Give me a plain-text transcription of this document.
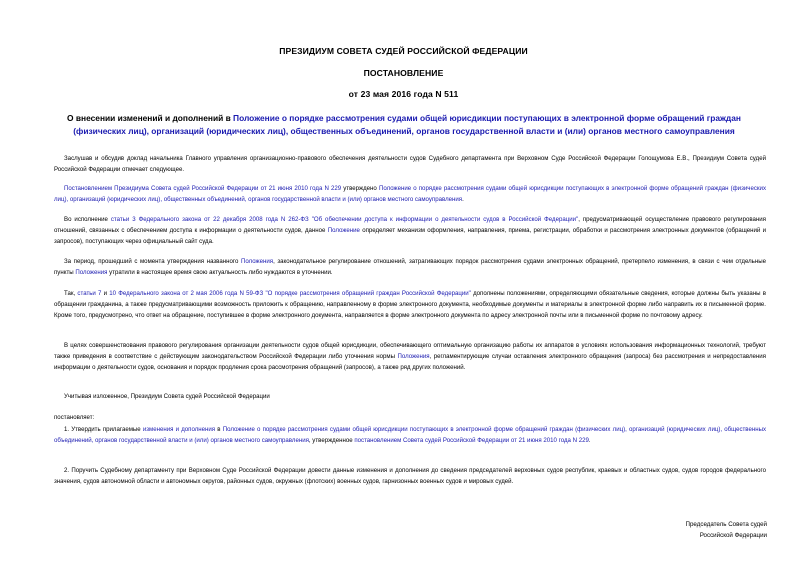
ПРЕЗИДИУМ СОВЕТА СУДЕЙ РОССИЙСКОЙ ФЕДЕРАЦИИ
ПОСТАНОВЛЕНИЕ
от 23 мая 2016 года N 511
О внесении изменений и дополнений в Положение о порядке рассмотрения судами общей юрисдикции поступающих в электронной форме обращений граждан (физических лиц), организаций (юридических лиц), общественных объединений, органов государственной власти и (или) органов местного самоуправления
Заслушав и обсудив доклад начальника Главного управления организационно-правового обеспечения деятельности судов Судебного департамента при Верховном Суде Российской Федерации Голощумова Е.В., Президиум Совета судей Российской Федерации отмечает следующее.
Постановлением Президиума Совета судей Российской Федерации от 21 июня 2010 года N 229 утверждено Положение о порядке рассмотрения судами общей юрисдикции поступающих в электронной форме обращений граждан (физических лиц), организаций (юридических лиц), общественных объединений, органов государственной власти и (или) органов местного самоуправления.
Во исполнение статьи 3 Федерального закона от 22 декабря 2008 года N 262-ФЗ "Об обеспечении доступа к информации о деятельности судов в Российской Федерации", предусматривающей осуществление правового регулирования отношений, связанных с обеспечением доступа к информации о деятельности судов, данное Положение определяет механизм оформления, направления, приема, регистрации, обработки и рассмотрения электронных документов (обращений и запросов), поступающих через официальный сайт суда.
За период, прошедший с момента утверждения названного Положения, законодательное регулирование отношений, затрагивающих порядок рассмотрения судами электронных обращений, претерпело изменения, в связи с чем отдельные пункты Положения утратили в настоящее время свою актуальность либо нуждаются в уточнении.
Так, статьи 7 и 10 Федерального закона от 2 мая 2006 года N 59-ФЗ "О порядке рассмотрения обращений граждан Российской Федерации" дополнены положениями, определяющими обязательные сведения, которые должны быть указаны в обращении гражданина, а также предусматривающими возможность приложить к обращению, направленному в форме электронного документа, необходимые документы и материалы в электронной форме либо направить их в письменной форме. Кроме того, предусмотрено, что ответ на обращение, поступившее в форме электронного документа, направляется в форме электронного документа по адресу электронной почты или в письменной форме по почтовому адресу.
В целях совершенствования правового регулирования организации деятельности судов общей юрисдикции, обеспечивающего оптимальную организацию работы их аппаратов в условиях использования информационных технологий, требуют также приведения в соответствие с действующим законодательством Российской Федерации либо уточнения нормы Положения, регламентирующие случаи оставления электронного обращения (запроса) без рассмотрения и непредоставления информации о деятельности судов, основания и порядок продления срока рассмотрения обращений (запросов), а также ряд других положений.
Учитывая изложенное, Президиум Совета судей Российской Федерации
постановляет:
1. Утвердить прилагаемые изменения и дополнения в Положение о порядке рассмотрения судами общей юрисдикции поступающих в электронной форме обращений граждан (физических лиц), организаций (юридических лиц), общественных объединений, органов государственной власти и (или) органов местного самоуправления, утвержденное постановлением Совета судей Российской Федерации от 21 июня 2010 года N 229.
2. Поручить Судебному департаменту при Верховном Суде Российской Федерации довести данные изменения и дополнения до сведения председателей верховных судов республик, краевых и областных судов, судов городов федерального значения, судов автономной области и автономных округов, районных судов, окружных (флотских) военных судов, гарнизонных военных судов и мировых судей.
Председатель Совета судей
Российской Федерации
